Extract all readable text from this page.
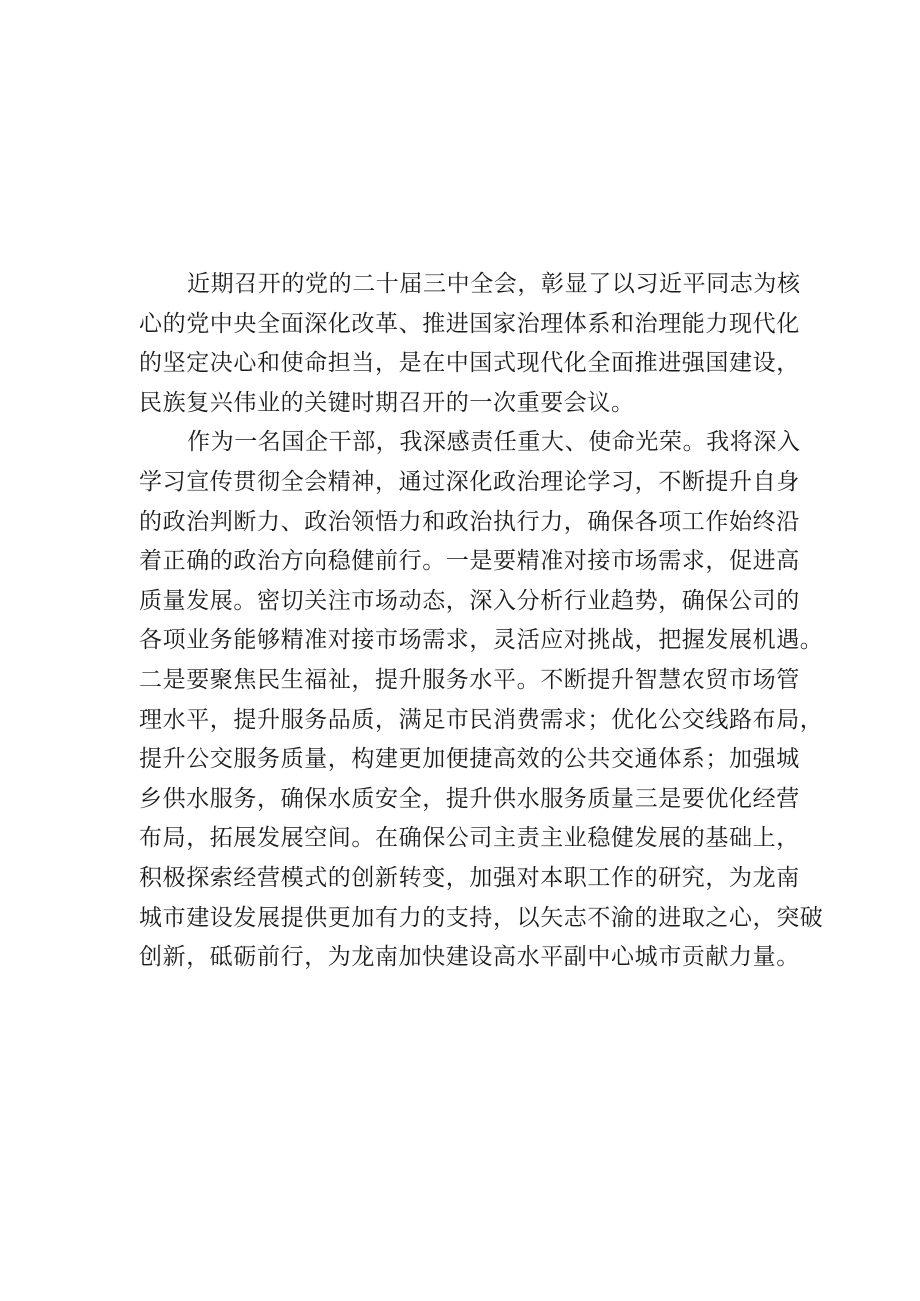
近期召开的党的二十届三中全会，彰显了以习近平同志为核
心的党中央全面深化改革、推进国家治理体系和治理能力现代化
的坚定决心和使命担当，是在中国式现代化全面推进强国建设，
民族复兴伟业的关键时期召开的一次重要会议。
作为一名国企干部，我深感责任重大、使命光荣。我将深入
学习宣传贯彻全会精神，通过深化政治理论学习，不断提升自身
的政治判断力、政治领悟力和政治执行力，确保各项工作始终沿
着正确的政治方向稳健前行。一是要精准对接市场需求，促进高
质量发展。密切关注市场动态，深入分析行业趋势，确保公司的
各项业务能够精准对接市场需求，灵活应对挑战，把握发展机遇。
二是要聚焦民生福祉，提升服务水平。不断提升智慧农贸市场管
理水平，提升服务品质，满足市民消费需求；优化公交线路布局，
提升公交服务质量，构建更加便捷高效的公共交通体系；加强城
乡供水服务，确保水质安全，提升供水服务质量三是要优化经营
布局，拓展发展空间。在确保公司主责主业稳健发展的基础上，
积极探索经营模式的创新转变，加强对本职工作的研究，为龙南
城市建设发展提供更加有力的支持，以矢志不渝的进取之心，突破
创新，砥砺前行，为龙南加快建设高水平副中心城市贡献力量。
